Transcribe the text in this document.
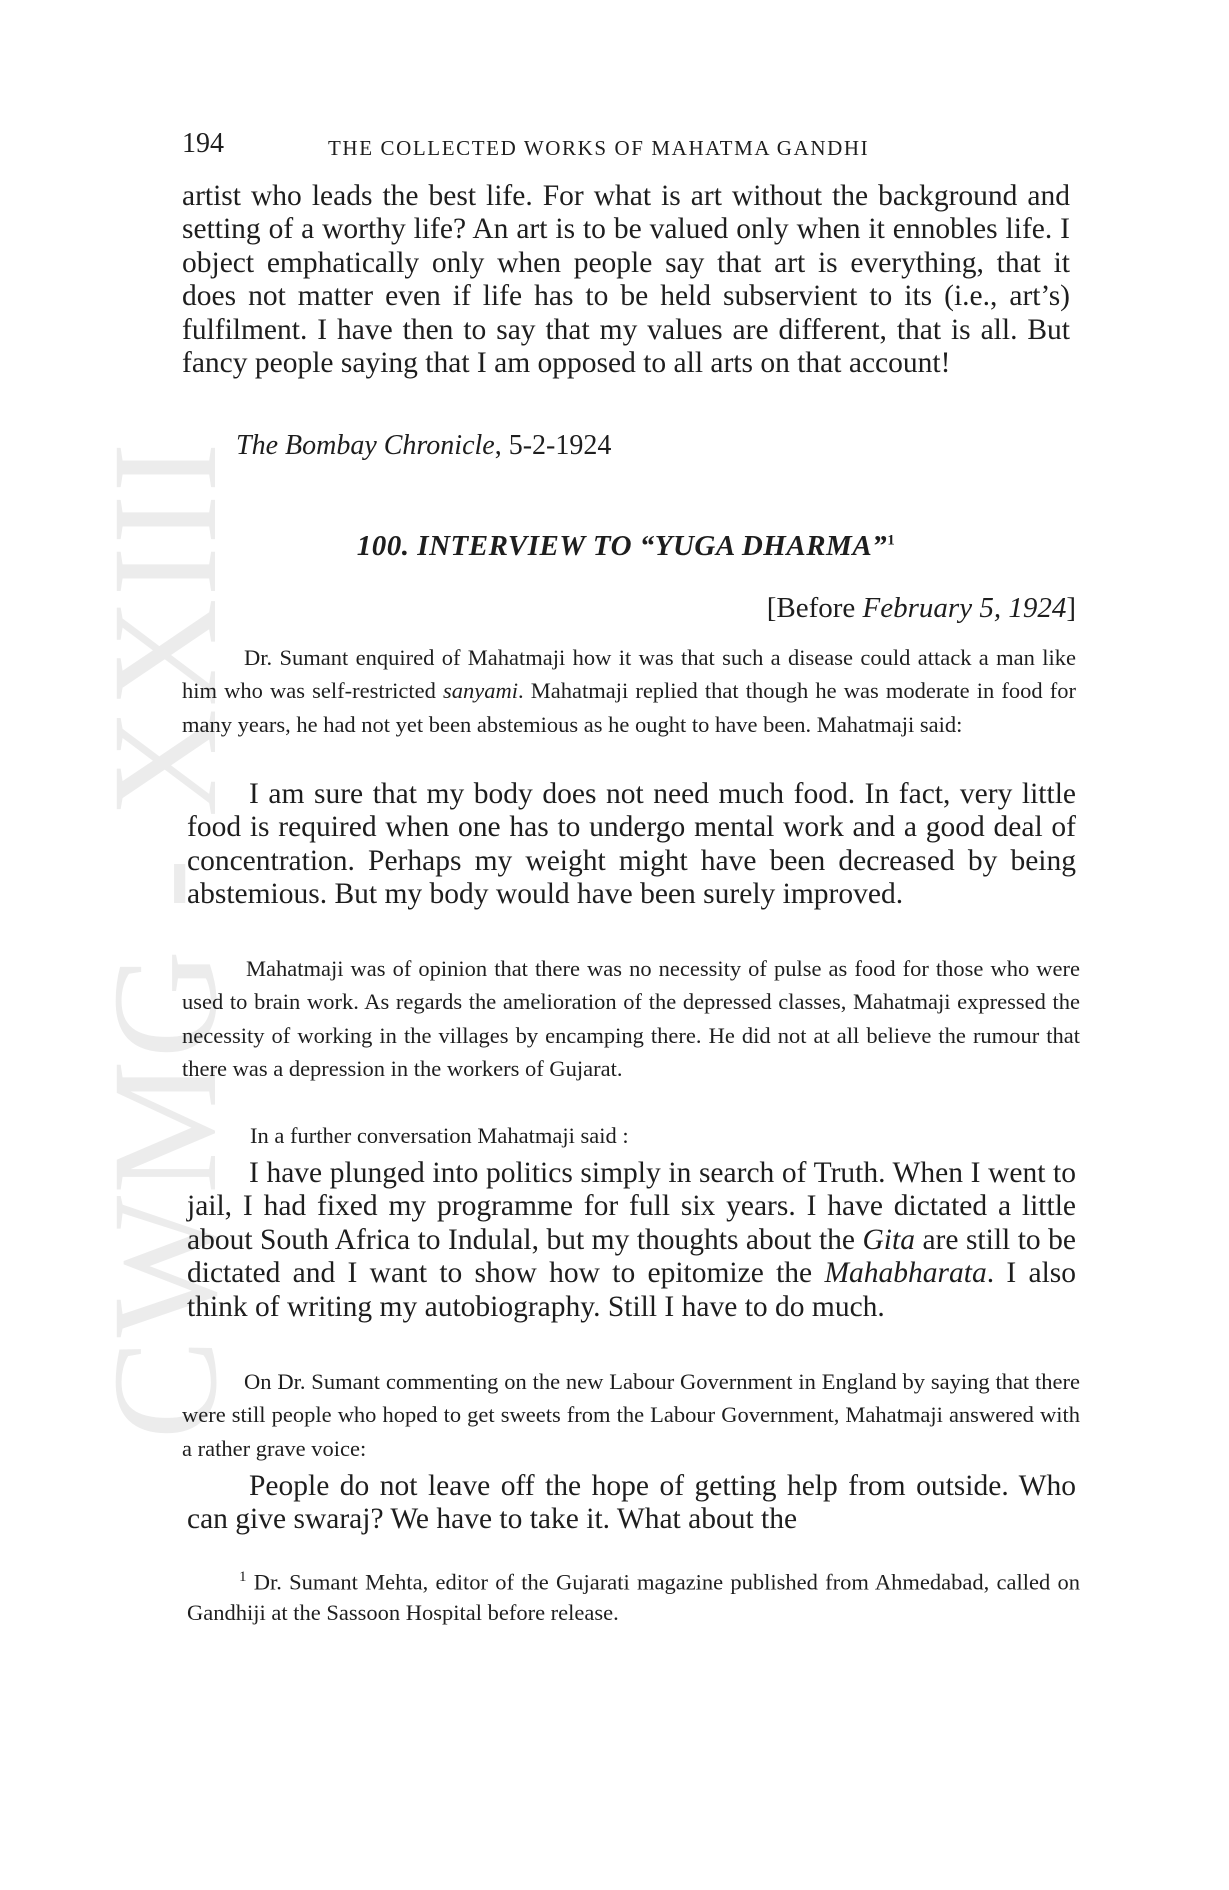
CWMG - XXIII
194	THE COLLECTED WORKS OF MAHATMA GANDHI

artist who leads the best life. For what is art without the background and setting of a worthy life? An art is to be valued only when it ennobles life. I object emphatically only when people say that art is everything, that it does not matter even if life has to be held subservient to its (i.e., art’s) fulfilment. I have then to say that my values are different, that is all. But fancy people saying that I am opposed to all arts on that account!

The Bombay Chronicle, 5-2-1924

100. INTERVIEW TO “YUGA DHARMA”$^1$

[Before February 5, 1924]

Dr. Sumant enquired of Mahatmaji how it was that such a disease could attack a man like him who was self-restricted sanyami. Mahatmaji replied that though he was moderate in food for many years, he had not yet been abstemious as he ought to have been. Mahatmaji said:

I am sure that my body does not need much food. In fact, very little food is required when one has to undergo mental work and a good deal of concentration. Perhaps my weight might have been decreased by being abstemious. But my body would have been surely improved.

Mahatmaji was of opinion that there was no necessity of pulse as food for those who were used to brain work. As regards the amelioration of the depressed classes, Mahatmaji expressed the necessity of working in the villages by encamping there. He did not at all believe the rumour that there was a depression in the workers of Gujarat.

In a further conversation Mahatmaji said :

I have plunged into politics simply in search of Truth. When I went to jail, I had fixed my programme for full six years. I have dictated a little about South Africa to Indulal, but my thoughts about the Gita are still to be dictated and I want to show how to epitomize the Mahabharata. I also think of writing my autobiography. Still I have to do much.

On Dr. Sumant commenting on the new Labour Government in England by saying that there were still people who hoped to get sweets from the Labour Government, Mahatmaji answered with a rather grave voice:

People do not leave off the hope of getting help from outside. Who can give swaraj? We have to take it. What about the

$^1$ Dr. Sumant Mehta, editor of the Gujarati magazine published from Ahmedabad, called on Gandhiji at the Sassoon Hospital before release.
